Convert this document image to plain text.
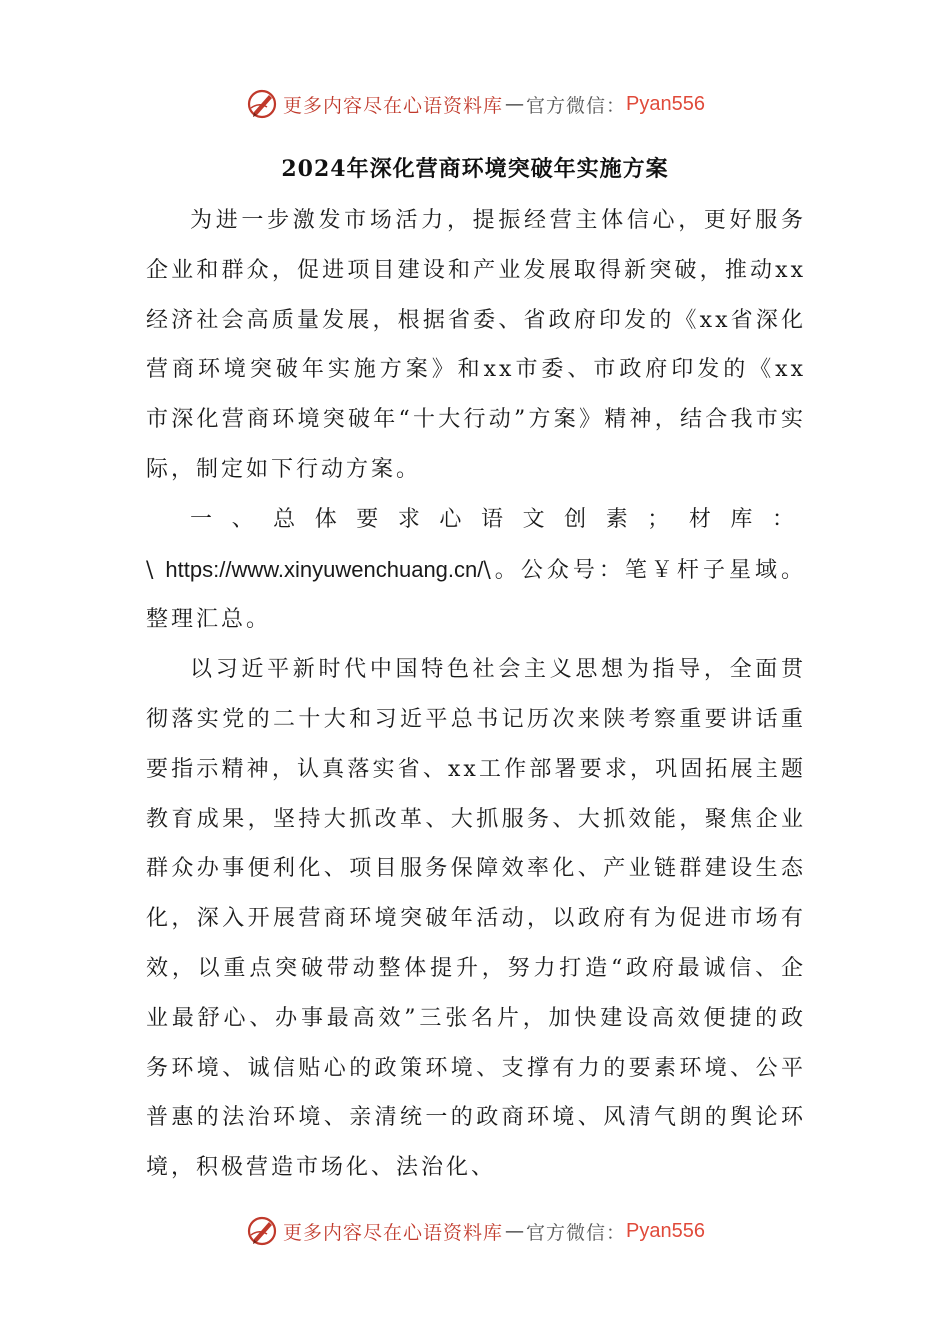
更多内容尽在心语资料库 — 官方微信： Pyan556
2024年深化营商环境突破年实施方案

为进一步激发市场活力，提振经营主体信心，更好服务企业和群众，促进项目建设和产业发展取得新突破，推动xx经济社会高质量发展，根据省委、省政府印发的《xx省深化营商环境突破年实施方案》和xx市委、市政府印发的《xx市深化营商环境突破年“十大行动”方案》精神，结合我市实际，制定如下行动方案。

一、总体要求心语文创素；材库：\https://www.xinyuwenchuang.cn/\。公众号：笔￥杆子星域。整理汇总。

以习近平新时代中国特色社会主义思想为指导，全面贯彻落实党的二十大和习近平总书记历次来陕考察重要讲话重要指示精神，认真落实省、xx工作部署要求，巩固拓展主题教育成果，坚持大抓改革、大抓服务、大抓效能，聚焦企业群众办事便利化、项目服务保障效率化、产业链群建设生态化，深入开展营商环境突破年活动，以政府有为促进市场有效，以重点突破带动整体提升，努力打造“政府最诚信、企业最舒心、办事最高效”三张名片，加快建设高效便捷的政务环境、诚信贴心的政策环境、支撑有力的要素环境、公平普惠的法治环境、亲清统一的政商环境、风清气朗的舆论环境，积极营造市场化、法治化、

更多内容尽在心语资料库 — 官方微信： Pyan556
